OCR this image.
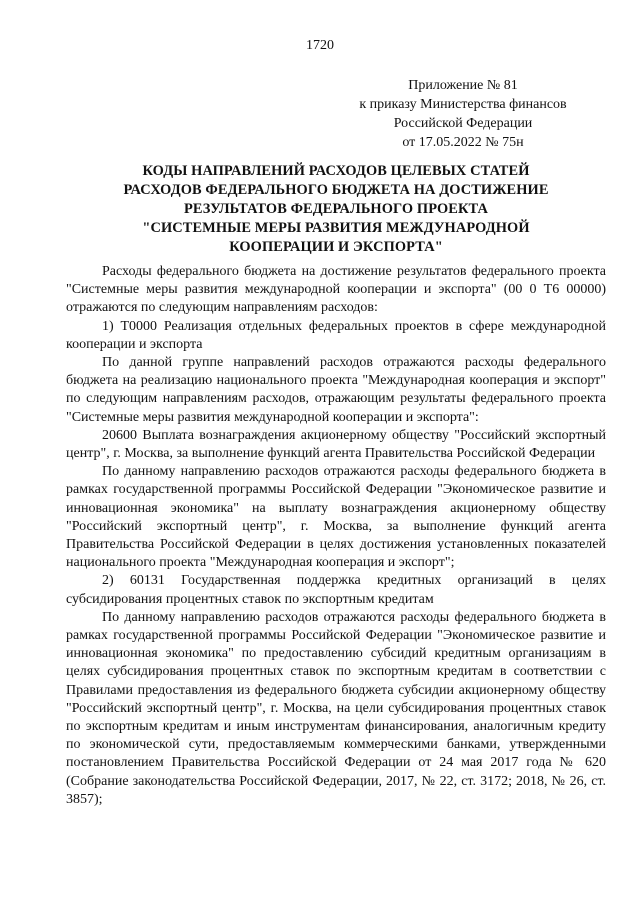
1720
Приложение № 81
к приказу Министерства финансов
Российской Федерации
от 17.05.2022 № 75н
КОДЫ НАПРАВЛЕНИЙ РАСХОДОВ ЦЕЛЕВЫХ СТАТЕЙ
РАСХОДОВ ФЕДЕРАЛЬНОГО БЮДЖЕТА НА ДОСТИЖЕНИЕ
РЕЗУЛЬТАТОВ ФЕДЕРАЛЬНОГО ПРОЕКТА
"СИСТЕМНЫЕ МЕРЫ РАЗВИТИЯ МЕЖДУНАРОДНОЙ
КООПЕРАЦИИ И ЭКСПОРТА"

Расходы федерального бюджета на достижение результатов федерального проекта "Системные меры развития международной кооперации и экспорта" (00 0 Т6 00000) отражаются по следующим направлениям расходов:

1) Т0000 Реализация отдельных федеральных проектов в сфере международной кооперации и экспорта

По данной группе направлений расходов отражаются расходы федерального бюджета на реализацию национального проекта "Международная кооперация и экспорт" по следующим направлениям расходов, отражающим результаты федерального проекта "Системные меры развития международной кооперации и экспорта":

20600 Выплата вознаграждения акционерному обществу "Российский экспортный центр", г. Москва, за выполнение функций агента Правительства Российской Федерации

По данному направлению расходов отражаются расходы федерального бюджета в рамках государственной программы Российской Федерации "Экономическое развитие и инновационная экономика" на выплату вознаграждения акционерному обществу "Российский экспортный центр", г. Москва, за выполнение функций агента Правительства Российской Федерации в целях достижения установленных показателей национального проекта "Международная кооперация и экспорт";

2) 60131 Государственная поддержка кредитных организаций в целях субсидирования процентных ставок по экспортным кредитам

По данному направлению расходов отражаются расходы федерального бюджета в рамках государственной программы Российской Федерации "Экономическое развитие и инновационная экономика" по предоставлению субсидий кредитным организациям в целях субсидирования процентных ставок по экспортным кредитам в соответствии с Правилами предоставления из федерального бюджета субсидии акционерному обществу "Российский экспортный центр", г. Москва, на цели субсидирования процентных ставок по экспортным кредитам и иным инструментам финансирования, аналогичным кредиту по экономической сути, предоставляемым коммерческими банками, утвержденными постановлением Правительства Российской Федерации от 24 мая 2017 года № 620 (Собрание законодательства Российской Федерации, 2017, № 22, ст. 3172; 2018, № 26, ст. 3857);
